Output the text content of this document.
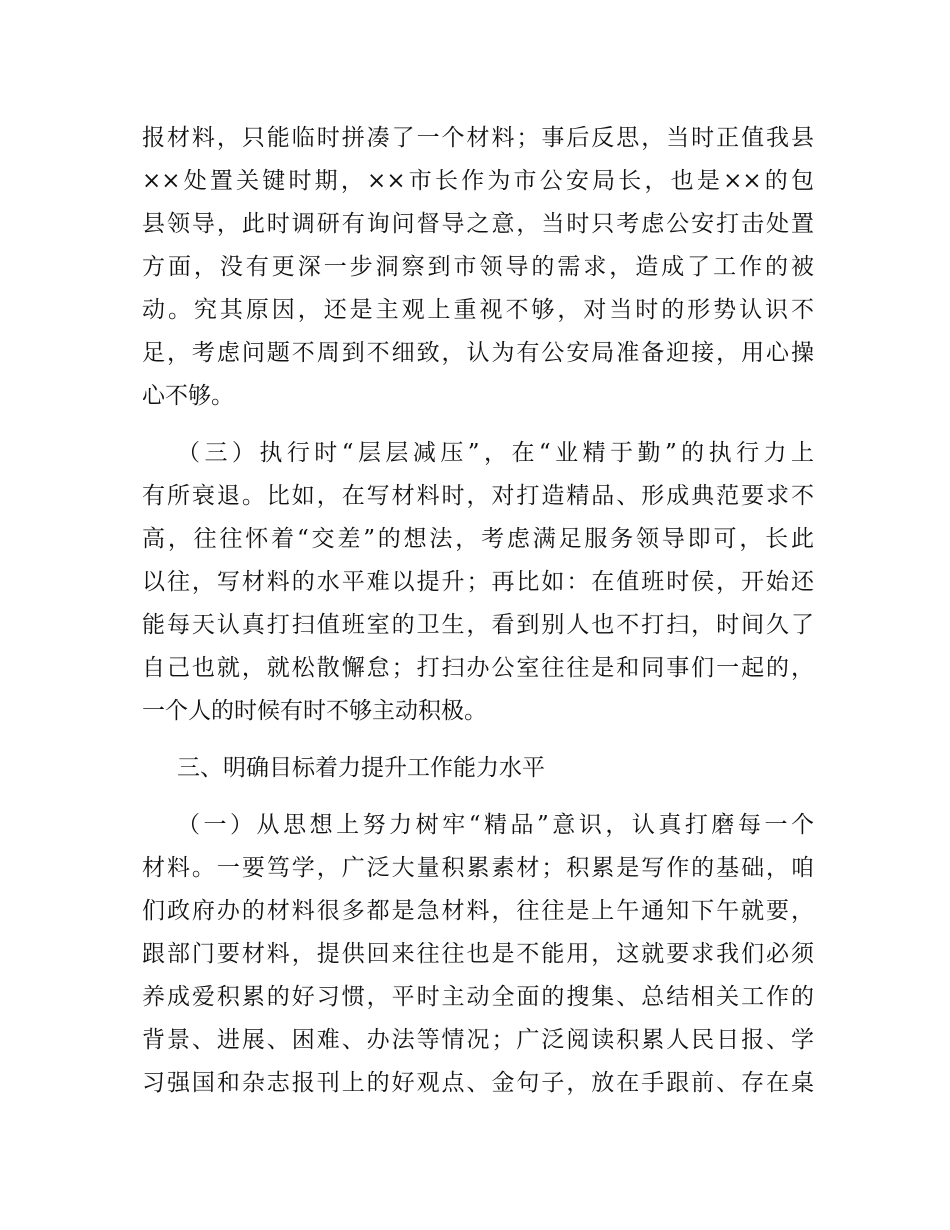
报材料，只能临时拼凑了一个材料；事后反思，当时正值我县
××处置关键时期，××市长作为市公安局长，也是××的包
县领导，此时调研有询问督导之意，当时只考虑公安打击处置
方面，没有更深一步洞察到市领导的需求，造成了工作的被
动。究其原因，还是主观上重视不够，对当时的形势认识不
足，考虑问题不周到不细致，认为有公安局准备迎接，用心操
心不够。
（三）执行时“层层减压”，在“业精于勤”的执行力上
有所衰退。比如，在写材料时，对打造精品、形成典范要求不
高，往往怀着“交差”的想法，考虑满足服务领导即可，长此
以往，写材料的水平难以提升；再比如：在值班时侯，开始还
能每天认真打扫值班室的卫生，看到别人也不打扫，时间久了
自己也就，就松散懈怠；打扫办公室往往是和同事们一起的，
一个人的时候有时不够主动积极。
三、明确目标着力提升工作能力水平
（一）从思想上努力树牢“精品”意识，认真打磨每一个
材料。一要笃学，广泛大量积累素材；积累是写作的基础，咱
们政府办的材料很多都是急材料，往往是上午通知下午就要，
跟部门要材料，提供回来往往也是不能用，这就要求我们必须
养成爱积累的好习惯，平时主动全面的搜集、总结相关工作的
背景、进展、困难、办法等情况；广泛阅读积累人民日报、学
习强国和杂志报刊上的好观点、金句子，放在手跟前、存在桌
